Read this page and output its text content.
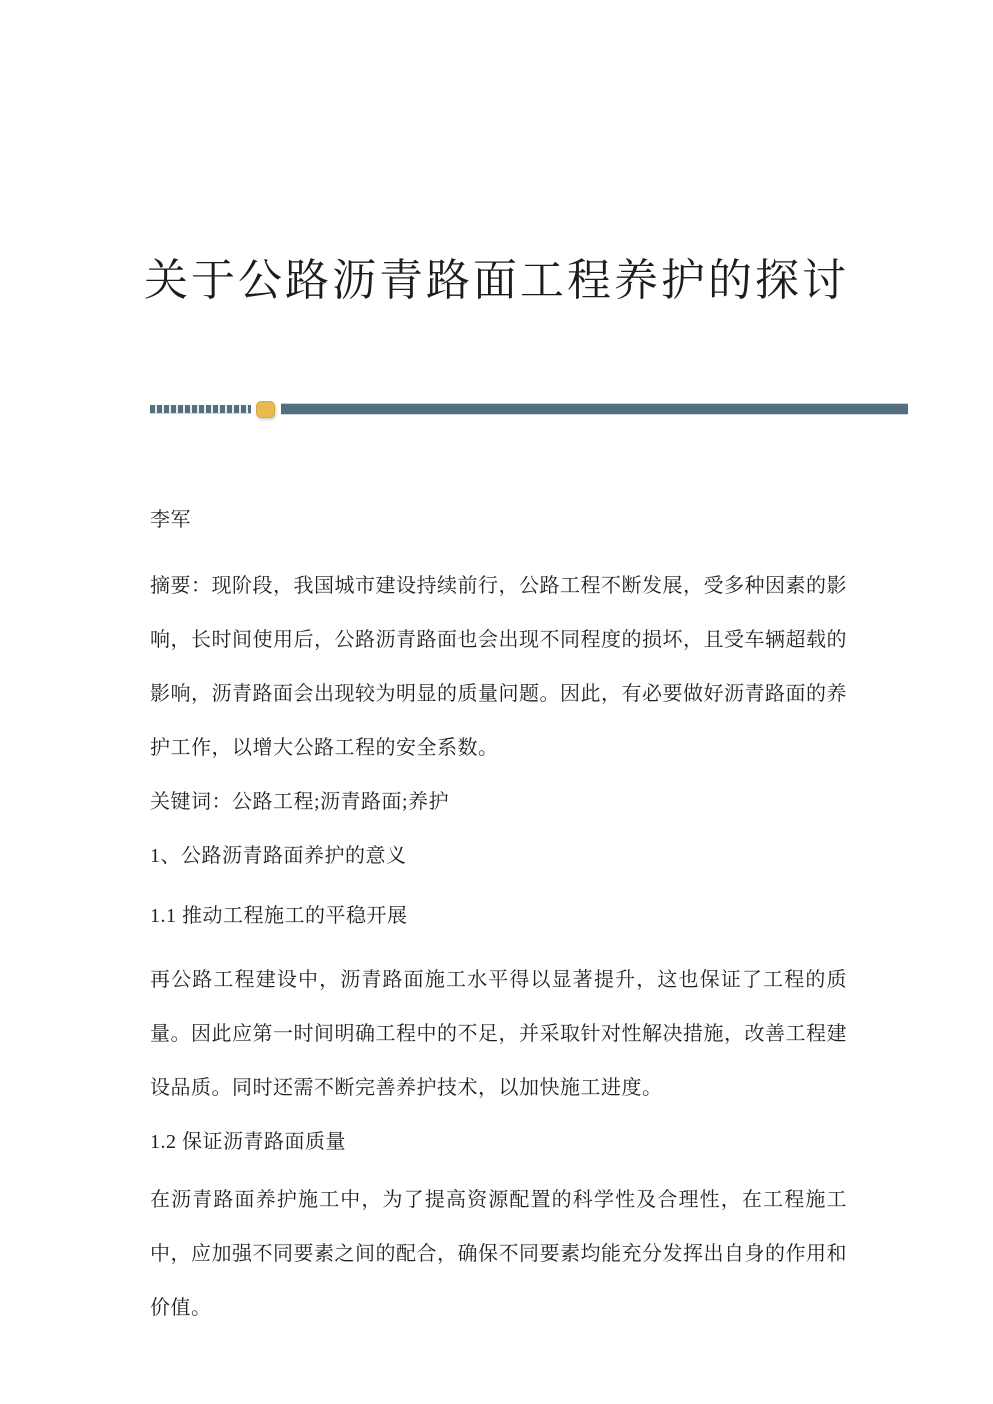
关于公路沥青路面工程养护的探讨

李军

摘要：现阶段，我国城市建设持续前行，公路工程不断发展，受多种因素的影响，长时间使用后，公路沥青路面也会出现不同程度的损坏，且受车辆超载的影响，沥青路面会出现较为明显的质量问题。因此，有必要做好沥青路面的养护工作，以增大公路工程的安全系数。

关键词：公路工程;沥青路面;养护

1、公路沥青路面养护的意义

1.1 推动工程施工的平稳开展

再公路工程建设中，沥青路面施工水平得以显著提升，这也保证了工程的质量。因此应第一时间明确工程中的不足，并采取针对性解决措施，改善工程建设品质。同时还需不断完善养护技术，以加快施工进度。

1.2 保证沥青路面质量

在沥青路面养护施工中，为了提高资源配置的科学性及合理性，在工程施工中，应加强不同要素之间的配合，确保不同要素均能充分发挥出自身的作用和价值。
